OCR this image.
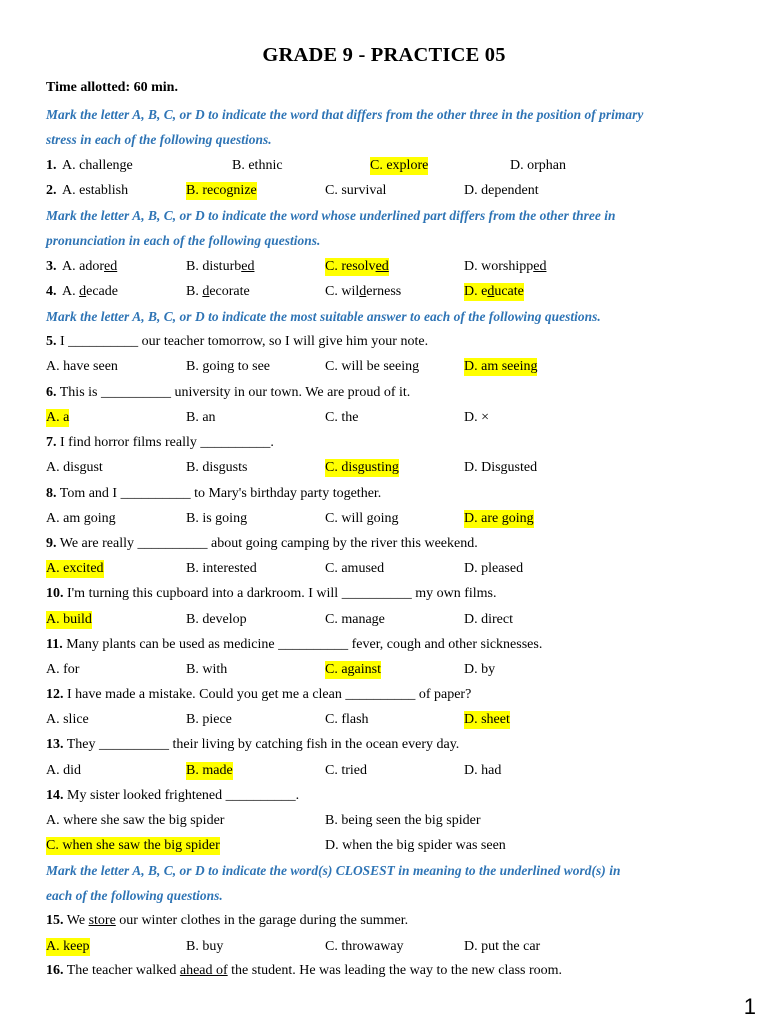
GRADE 9 - PRACTICE 05
Time allotted: 60 min.
Mark the letter A, B, C, or D to indicate the word that differs from the other three in the position of primary
stress in each of the following questions.
1. A. challenge	B. ethnic	C. explore	D. orphan
2. A. establish	B. recognize	C. survival	D. dependent
Mark the letter A, B, C, or D to indicate the word whose underlined part differs from the other three in
pronunciation in each of the following questions.
3. A. adored	B. disturbed	C. resolved	D. worshipped
4. A. decade	B. decorate	C. wilderness	D. educate
Mark the letter A, B, C, or D to indicate the most suitable answer to each of the following questions.
5. I __________ our teacher tomorrow, so I will give him your note.
A. have seen	B. going to see	C. will be seeing	D. am seeing
6. This is __________ university in our town. We are proud of it.
A. a	B. an	C. the	D. ×
7. I find horror films really __________.
A. disgust	B. disgusts	C. disgusting	D. Disgusted
8. Tom and I __________ to Mary's birthday party together.
A. am going	B. is going	C. will going	D. are going
9. We are really __________ about going camping by the river this weekend.
A. excited	B. interested	C. amused	D. pleased
10. I'm turning this cupboard into a darkroom. I will __________ my own films.
A. build	B. develop	C. manage	D. direct
11. Many plants can be used as medicine __________ fever, cough and other sicknesses.
A. for	B. with	C. against	D. by
12. I have made a mistake. Could you get me a clean __________ of paper?
A. slice	B. piece	C. flash	D. sheet
13. They __________ their living by catching fish in the ocean every day.
A. did	B. made	C. tried	D. had
14. My sister looked frightened __________.
A. where she saw the big spider	B. being seen the big spider
C. when she saw the big spider	D. when the big spider was seen
Mark the letter A, B, C, or D to indicate the word(s) CLOSEST in meaning to the underlined word(s) in
each of the following questions.
15. We store our winter clothes in the garage during the summer.
A. keep	B. buy	C. throwaway	D. put the car
16. The teacher walked ahead of the student. He was leading the way to the new class room.
1
